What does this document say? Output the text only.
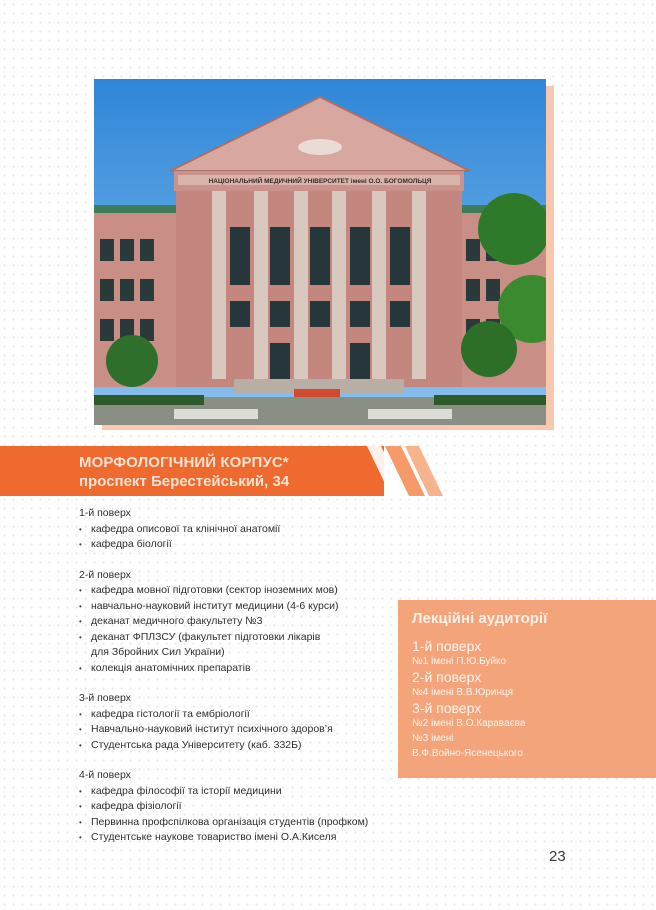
НАЦІОНАЛЬНИЙ МЕДИЧНИЙ УНІВЕРСИТЕТ імені О.О. БОГОМОЛЬЦЯ
МОРФОЛОГІЧНИЙ КОРПУС*
проспект Берестейський, 34

1-й поверх

• кафедра описової та клінічної анатомії
• кафедра біології

2-й поверх

• кафедра мовної підготовки (сектор іноземних мов)
• навчально-науковий інститут медицини (4-6 курси)
• деканат медичного факультету №3
• деканат ФПЛЗСУ (факультет підготовки лікарів для Збройних Сил України)
• колекція анатомічних препаратів

3-й поверх

• кафедра гістології та ембріології
• Навчально-науковий інститут психічного здоров’я
• Студентська рада Університету (каб. 332Б)

4-й поверх

• кафедра філософії та історії медицини
• кафедра фізіології
• Первинна профспілкова організація студентів (профком)
• Студентське наукове товариство імені О.А.Киселя
Лекційні аудиторії
1-й поверх
№1 імені П.Ю.Буйко
2-й поверх
№4 імені В.В.Юринця
3-й поверх
№2 імені В.О.Караваєва
№3 імені
В.Ф.Войно-Ясенецького
23
